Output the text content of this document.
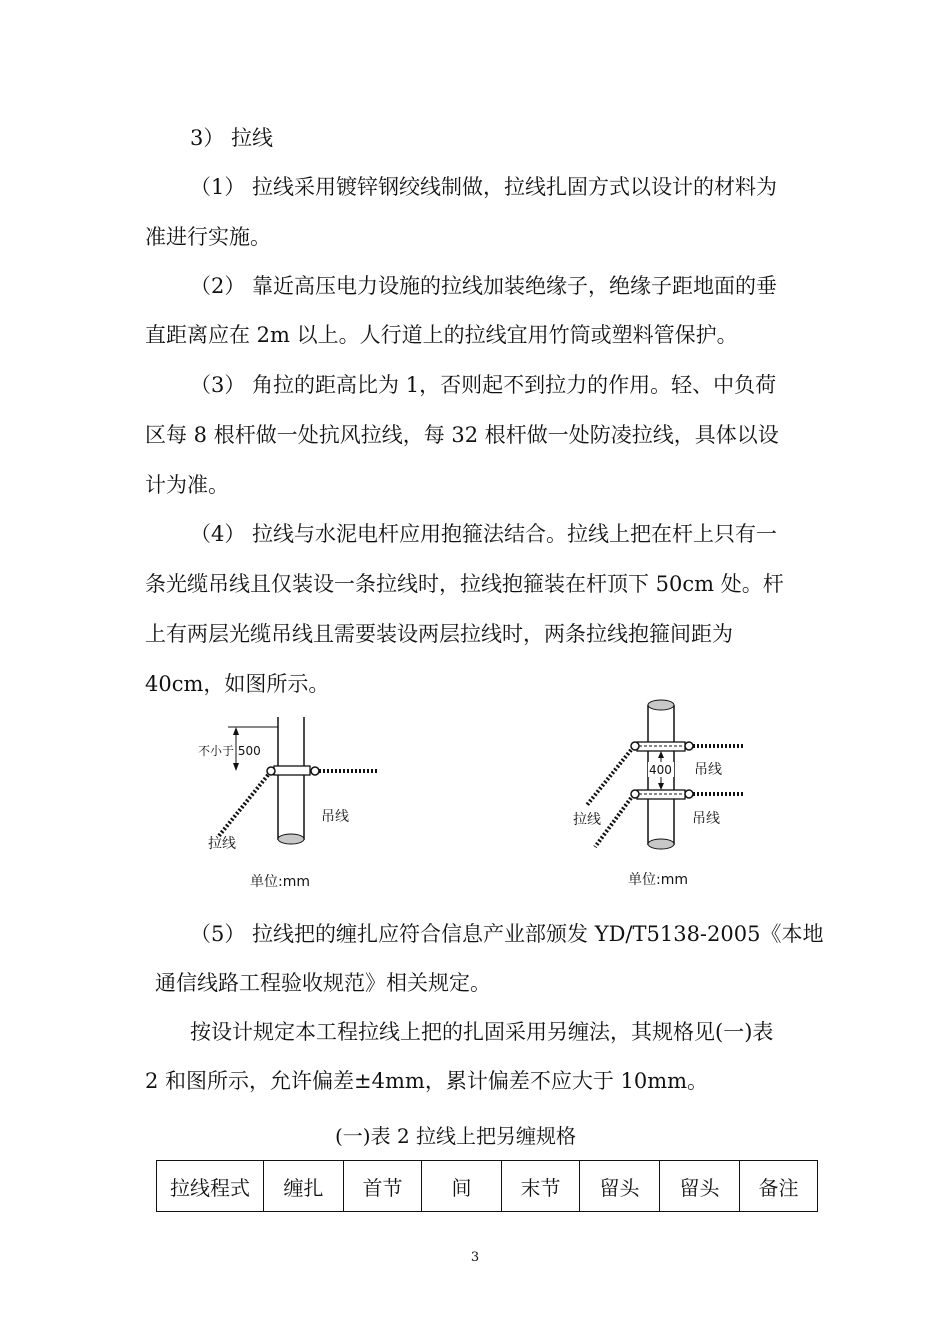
3） 拉线
（1） 拉线采用镀锌钢绞线制做，拉线扎固方式以设计的材料为
准进行实施。
（2） 靠近高压电力设施的拉线加装绝缘子，绝缘子距地面的垂
直距离应在 2m 以上。人行道上的拉线宜用竹筒或塑料管保护。
（3） 角拉的距高比为 1，否则起不到拉力的作用。轻、中负荷
区每 8 根杆做一处抗风拉线，每 32 根杆做一处防凌拉线，具体以设
计为准。
（4） 拉线与水泥电杆应用抱箍法结合。拉线上把在杆上只有一
条光缆吊线且仅装设一条拉线时，拉线抱箍装在杆顶下 50cm 处。杆
上有两层光缆吊线且需要装设两层拉线时，两条拉线抱箍间距为
40cm，如图所示。
不小于 500
吊线
拉线
单位:mm
400 吊线
吊线
拉线
单位:mm
（5） 拉线把的缠扎应符合信息产业部颁发 YD/T5138-2005《本地
通信线路工程验收规范》相关规定。
按设计规定本工程拉线上把的扎固采用另缠法，其规格见(一)表
2 和图所示，允许偏差±4mm，累计偏差不应大于 10mm。
(一)表 2 拉线上把另缠规格
拉线程式	缠扎	首节	间	末节	留头	留头	备注
3
